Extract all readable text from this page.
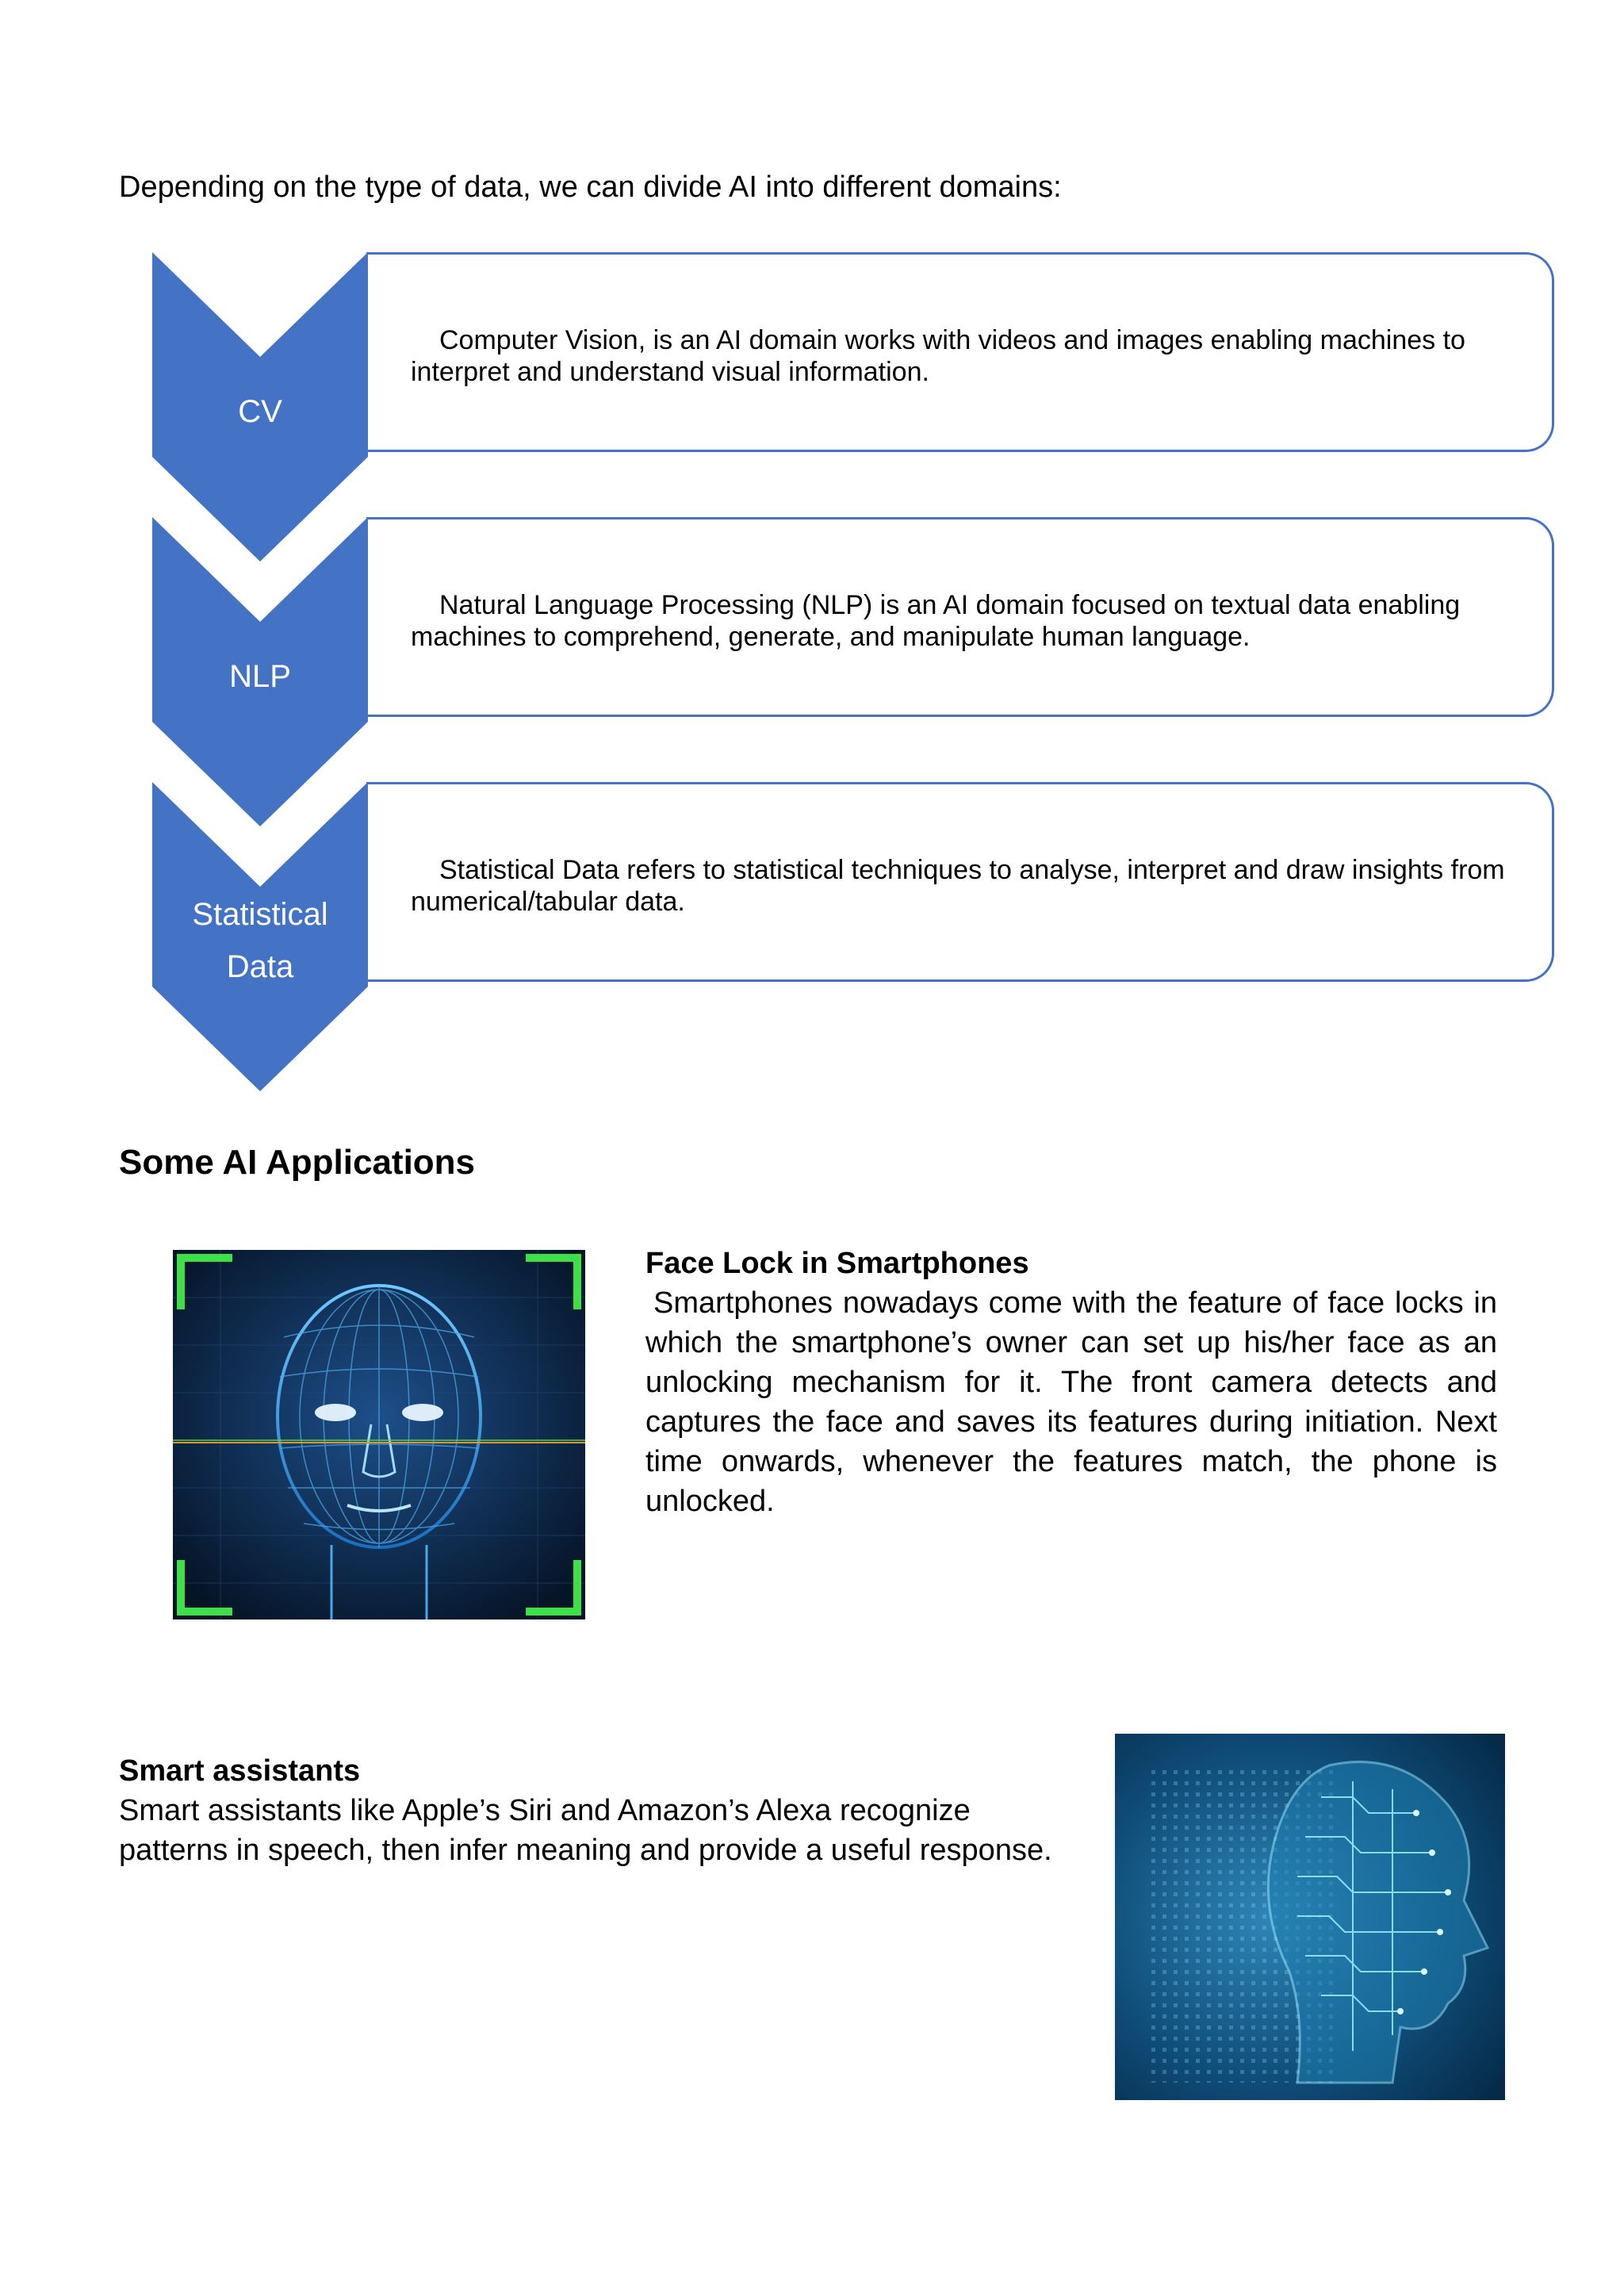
Depending on the type of data, we can divide AI into different domains:
Computer Vision, is an AI domain works with videos and images enabling machines to interpret and understand visual information.
CV
Natural Language Processing (NLP) is an AI domain focused on textual data enabling machines to comprehend, generate, and manipulate human language.
NLP
Statistical Data refers to statistical techniques to analyse, interpret and draw insights from numerical/tabular data.
Statistical
Data
Some AI Applications
Face Lock in Smartphones
Smartphones nowadays come with the feature of face locks in which the smartphone’s owner can set up his/her face as an unlocking mechanism for it. The front camera detects and captures the face and saves its features during initiation. Next time onwards, whenever the features match, the phone is unlocked.
Smart assistants
Smart assistants like Apple’s Siri and Amazon’s Alexa recognize patterns in speech, then infer meaning and provide a useful response.
